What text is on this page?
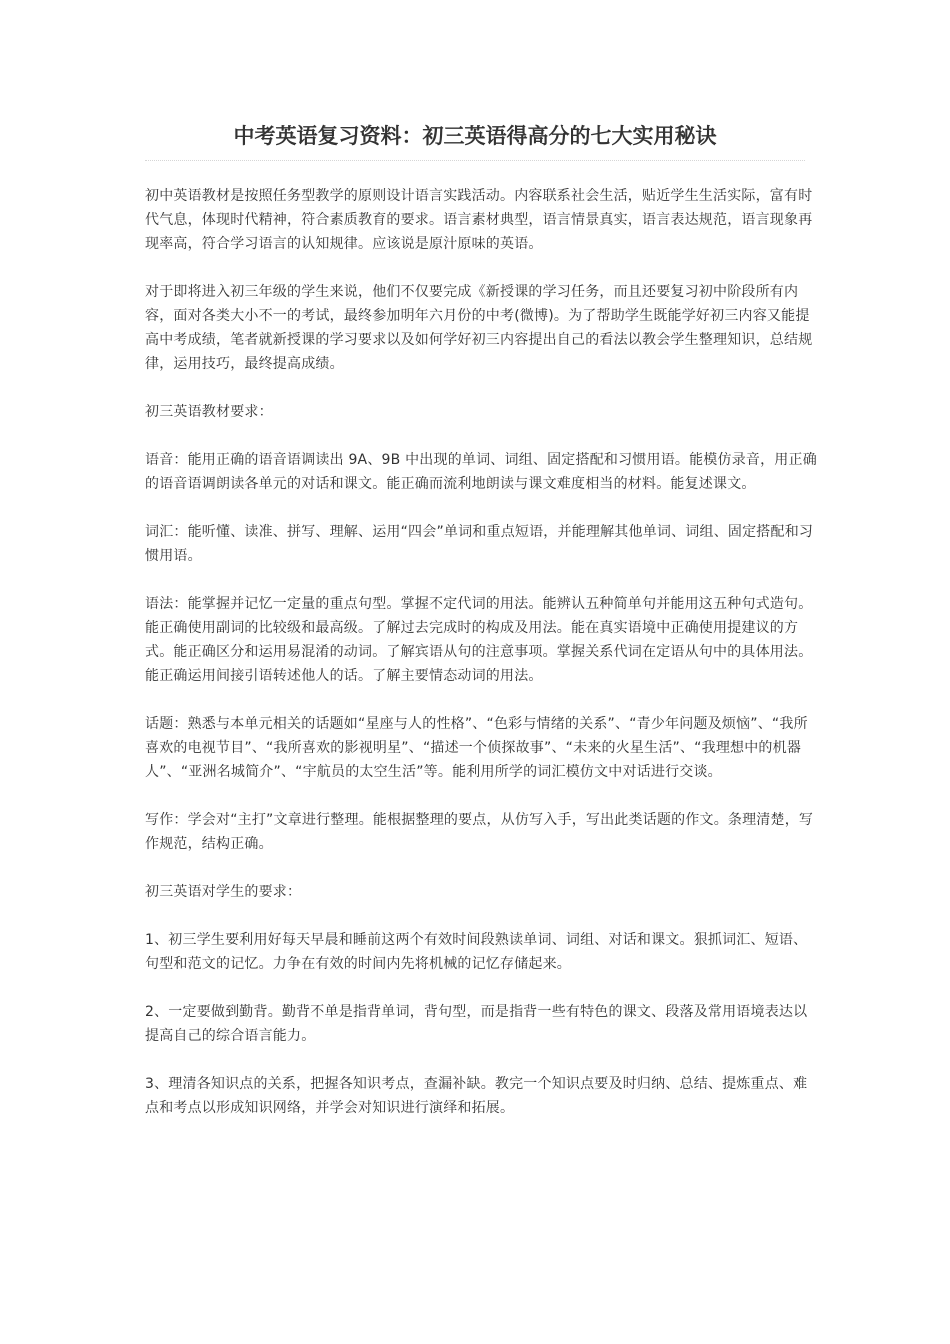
中考英语复习资料：初三英语得高分的七大实用秘诀

初中英语教材是按照任务型教学的原则设计语言实践活动。内容联系社会生活，贴近学生生活实际，富有时代气息，体现时代精神，符合素质教育的要求。语言素材典型，语言情景真实，语言表达规范，语言现象再现率高，符合学习语言的认知规律。应该说是原汁原味的英语。

对于即将进入初三年级的学生来说，他们不仅要完成《新授课的学习任务，而且还要复习初中阶段所有内容，面对各类大小不一的考试，最终参加明年六月份的中考(微博)。为了帮助学生既能学好初三内容又能提高中考成绩，笔者就新授课的学习要求以及如何学好初三内容提出自己的看法以教会学生整理知识，总结规律，运用技巧，最终提高成绩。

初三英语教材要求：

语音：能用正确的语音语调读出 9A、9B 中出现的单词、词组、固定搭配和习惯用语。能模仿录音，用正确的语音语调朗读各单元的对话和课文。能正确而流利地朗读与课文难度相当的材料。能复述课文。

词汇：能听懂、读准、拼写、理解、运用“四会”单词和重点短语，并能理解其他单词、词组、固定搭配和习惯用语。

语法：能掌握并记忆一定量的重点句型。掌握不定代词的用法。能辨认五种简单句并能用这五种句式造句。能正确使用副词的比较级和最高级。了解过去完成时的构成及用法。能在真实语境中正确使用提建议的方式。能正确区分和运用易混淆的动词。了解宾语从句的注意事项。掌握关系代词在定语从句中的具体用法。能正确运用间接引语转述他人的话。了解主要情态动词的用法。

话题：熟悉与本单元相关的话题如“星座与人的性格”、“色彩与情绪的关系”、“青少年问题及烦恼”、“我所喜欢的电视节目”、“我所喜欢的影视明星”、“描述一个侦探故事”、“未来的火星生活”、“我理想中的机器人”、“亚洲名城简介”、“宇航员的太空生活”等。能利用所学的词汇模仿文中对话进行交谈。

写作：学会对“主打”文章进行整理。能根据整理的要点，从仿写入手，写出此类话题的作文。条理清楚，写作规范，结构正确。

初三英语对学生的要求：

1、初三学生要利用好每天早晨和睡前这两个有效时间段熟读单词、词组、对话和课文。狠抓词汇、短语、句型和范文的记忆。力争在有效的时间内先将机械的记忆存储起来。

2、一定要做到勤背。勤背不单是指背单词，背句型，而是指背一些有特色的课文、段落及常用语境表达以提高自己的综合语言能力。

3、理清各知识点的关系，把握各知识考点，查漏补缺。教完一个知识点要及时归纳、总结、提炼重点、难点和考点以形成知识网络，并学会对知识进行演绎和拓展。
